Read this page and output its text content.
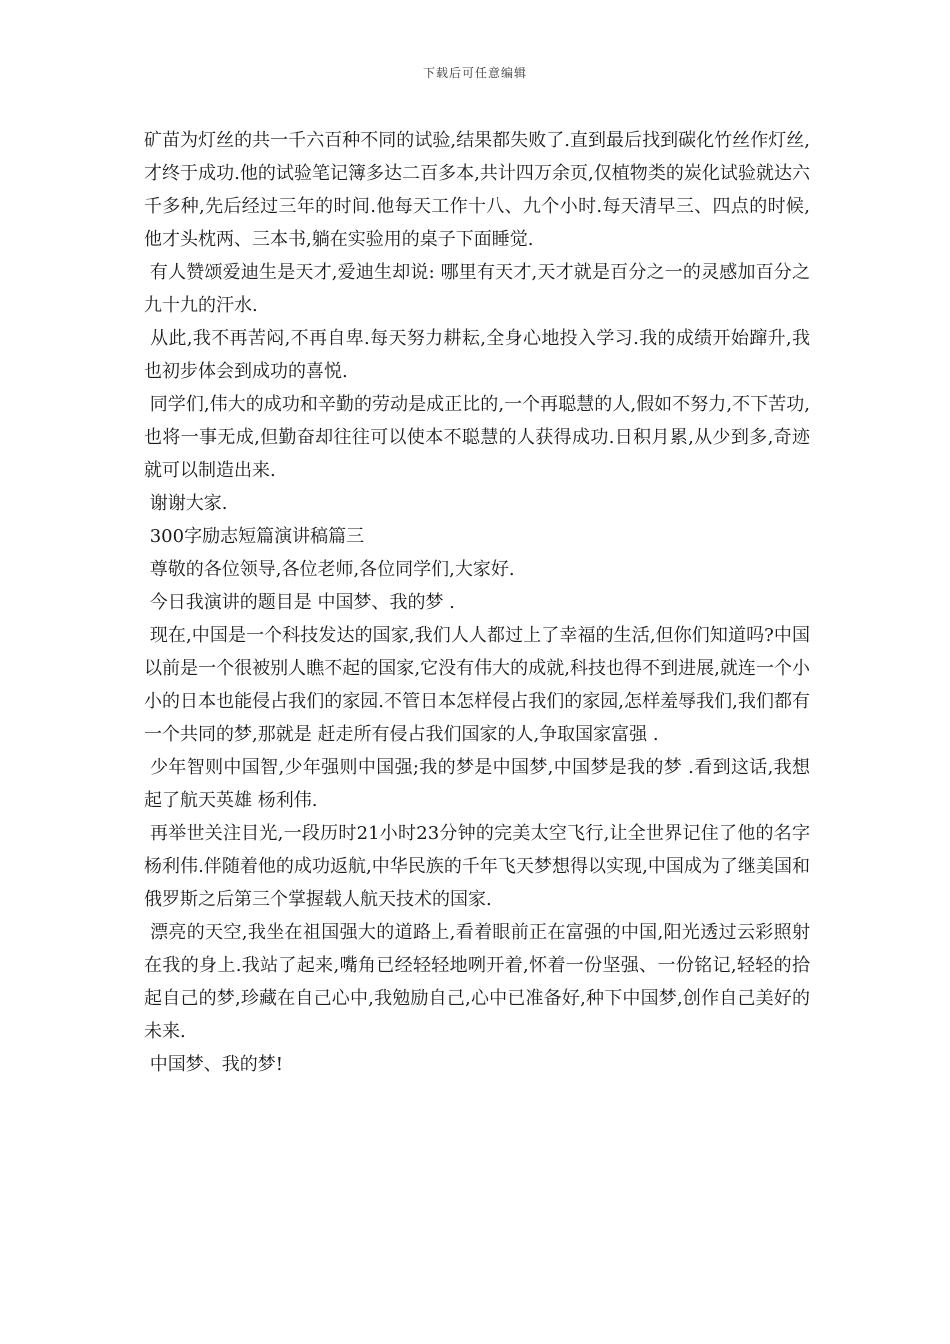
下载后可任意编辑

矿苗为灯丝的共一千六百种不同的试验,结果都失败了.直到最后找到碳化竹丝作灯丝,才终于成功.他的试验笔记簿多达二百多本,共计四万余页,仅植物类的炭化试验就达六千多种,先后经过三年的时间.他每天工作十八、九个小时.每天清早三、四点的时候,他才头枕两、三本书,躺在实验用的桌子下面睡觉.

有人赞颂爱迪生是天才,爱迪生却说: 哪里有天才,天才就是百分之一的灵感加百分之九十九的汗水.

从此,我不再苦闷,不再自卑.每天努力耕耘,全身心地投入学习.我的成绩开始蹿升,我也初步体会到成功的喜悦.

同学们,伟大的成功和辛勤的劳动是成正比的,一个再聪慧的人,假如不努力,不下苦功,也将一事无成,但勤奋却往往可以使本不聪慧的人获得成功.日积月累,从少到多,奇迹就可以制造出来.

谢谢大家.

300字励志短篇演讲稿篇三

尊敬的各位领导,各位老师,各位同学们,大家好.

今日我演讲的题目是 中国梦、我的梦 .

现在,中国是一个科技发达的国家,我们人人都过上了幸福的生活,但你们知道吗?中国以前是一个很被别人瞧不起的国家,它没有伟大的成就,科技也得不到进展,就连一个小小的日本也能侵占我们的家园.不管日本怎样侵占我们的家园,怎样羞辱我们,我们都有一个共同的梦,那就是 赶走所有侵占我们国家的人,争取国家富强 .

少年智则中国智,少年强则中国强;我的梦是中国梦,中国梦是我的梦 .看到这话,我想起了航天英雄 杨利伟.

再举世关注目光,一段历时21小时23分钟的完美太空飞行,让全世界记住了他的名字 杨利伟.伴随着他的成功返航,中华民族的千年飞天梦想得以实现,中国成为了继美国和俄罗斯之后第三个掌握载人航天技术的国家.

漂亮的天空,我坐在祖国强大的道路上,看着眼前正在富强的中国,阳光透过云彩照射在我的身上.我站了起来,嘴角已经轻轻地咧开着,怀着一份坚强、一份铭记,轻轻的拾起自己的梦,珍藏在自己心中,我勉励自己,心中已准备好,种下中国梦,创作自己美好的未来.

中国梦、我的梦!
